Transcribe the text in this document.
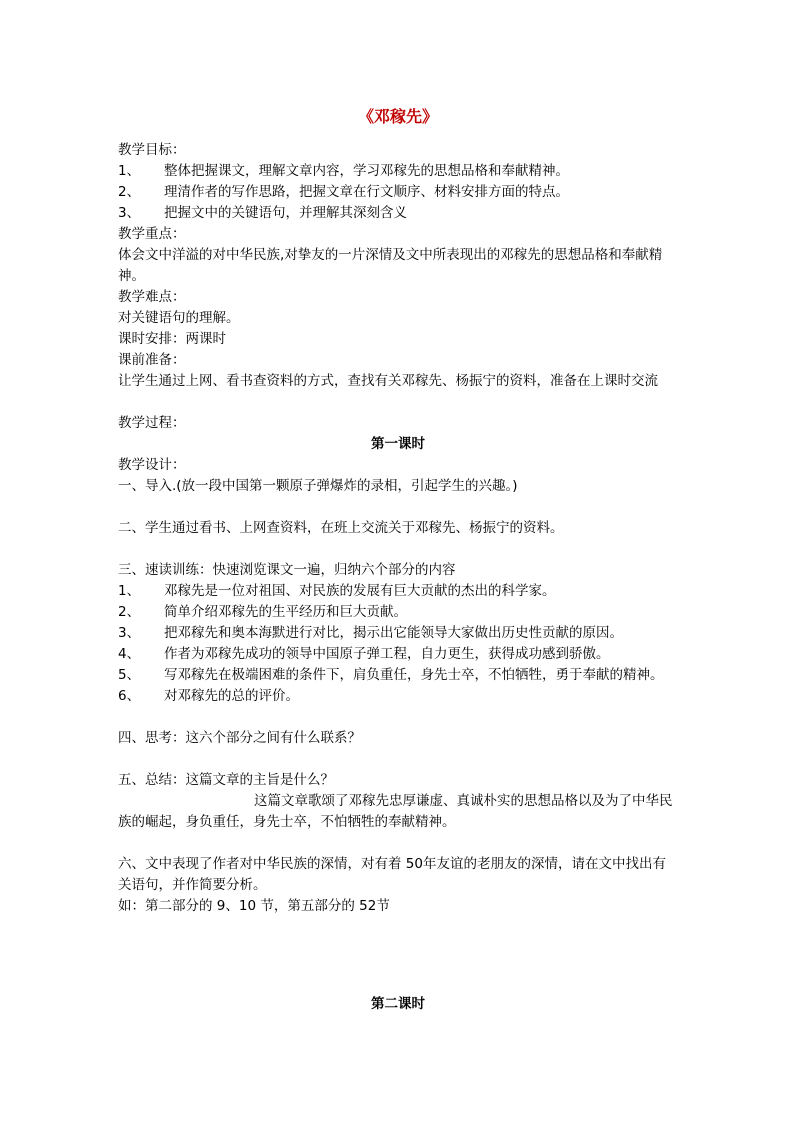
《邓稼先》
教学目标：
1、	整体把握课文，理解文章内容，学习邓稼先的思想品格和奉献精神。
2、	理清作者的写作思路，把握文章在行文顺序、材料安排方面的特点。
3、	把握文中的关键语句，并理解其深刻含义
教学重点：
体会文中洋溢的对中华民族,对挚友的一片深情及文中所表现出的邓稼先的思想品格和奉献精神。
教学难点：
对关键语句的理解。
课时安排：两课时
课前准备：
让学生通过上网、看书查资料的方式，查找有关邓稼先、杨振宁的资料，准备在上课时交流
教学过程：
第一课时
教学设计：
一、导入.(放一段中国第一颗原子弹爆炸的录相，引起学生的兴趣。)
二、学生通过看书、上网查资料，在班上交流关于邓稼先、杨振宁的资料。
三、速读训练：快速浏览课文一遍，归纳六个部分的内容
1、	邓稼先是一位对祖国、对民族的发展有巨大贡献的杰出的科学家。
2、	简单介绍邓稼先的生平经历和巨大贡献。
3、	把邓稼先和奥本海默进行对比，揭示出它能领导大家做出历史性贡献的原因。
4、	作者为邓稼先成功的领导中国原子弹工程，自力更生，获得成功感到骄傲。
5、	写邓稼先在极端困难的条件下，肩负重任，身先士卒，不怕牺牲，勇于奉献的精神。
6、	对邓稼先的总的评价。
四、思考：这六个部分之间有什么联系？
五、总结：这篇文章的主旨是什么？
这篇文章歌颂了邓稼先忠厚谦虚、真诚朴实的思想品格以及为了中华民族的崛起，身负重任，身先士卒，不怕牺牲的奉献精神。
六、文中表现了作者对中华民族的深情，对有着 50年友谊的老朋友的深情，请在文中找出有关语句，并作简要分析。
如：第二部分的 9、10 节，第五部分的 52节
第二课时
